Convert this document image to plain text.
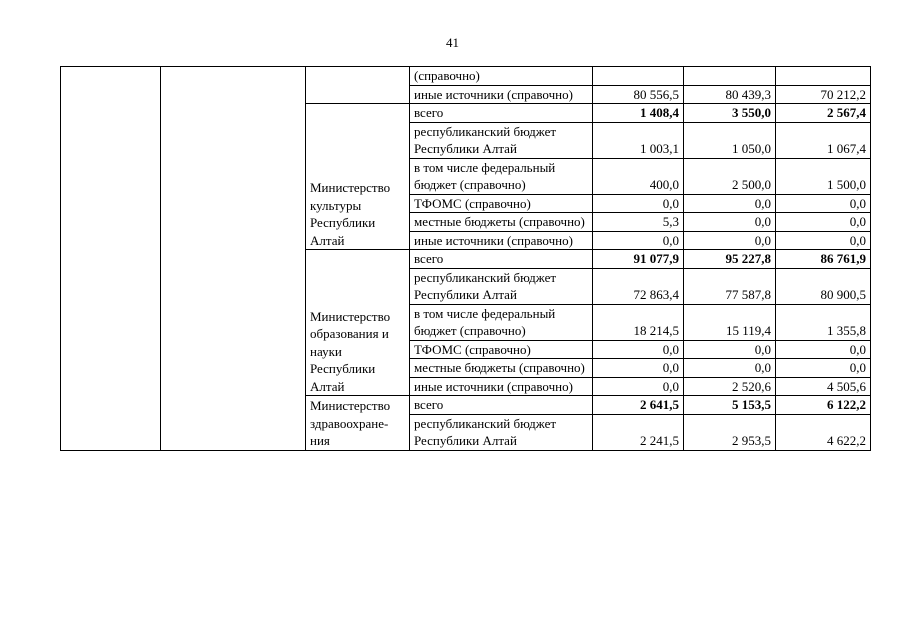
41
			(справочно)			
			иные источники (справочно)	80 556,5	80 439,3	70 212,2
		Министерство культуры Республики Алтай	всего	1 408,4	3 550,0	2 567,4
			республиканский бюджет Республики Алтай	1 003,1	1 050,0	1 067,4
			в том числе федеральный бюджет (справочно)	400,0	2 500,0	1 500,0
			ТФОМС (справочно)	0,0	0,0	0,0
			местные бюджеты (справочно)	5,3	0,0	0,0
			иные источники (справочно)	0,0	0,0	0,0
		Министерство образования и науки Республики Алтай	всего	91 077,9	95 227,8	86 761,9
			республиканский бюджет Республики Алтай	72 863,4	77 587,8	80 900,5
			в том числе федеральный бюджет (справочно)	18 214,5	15 119,4	1 355,8
			ТФОМС (справочно)	0,0	0,0	0,0
			местные бюджеты (справочно)	0,0	0,0	0,0
			иные источники (справочно)	0,0	2 520,6	4 505,6
		Министерство здравоохране-ния	всего	2 641,5	5 153,5	6 122,2
			республиканский бюджет Республики Алтай	2 241,5	2 953,5	4 622,2
